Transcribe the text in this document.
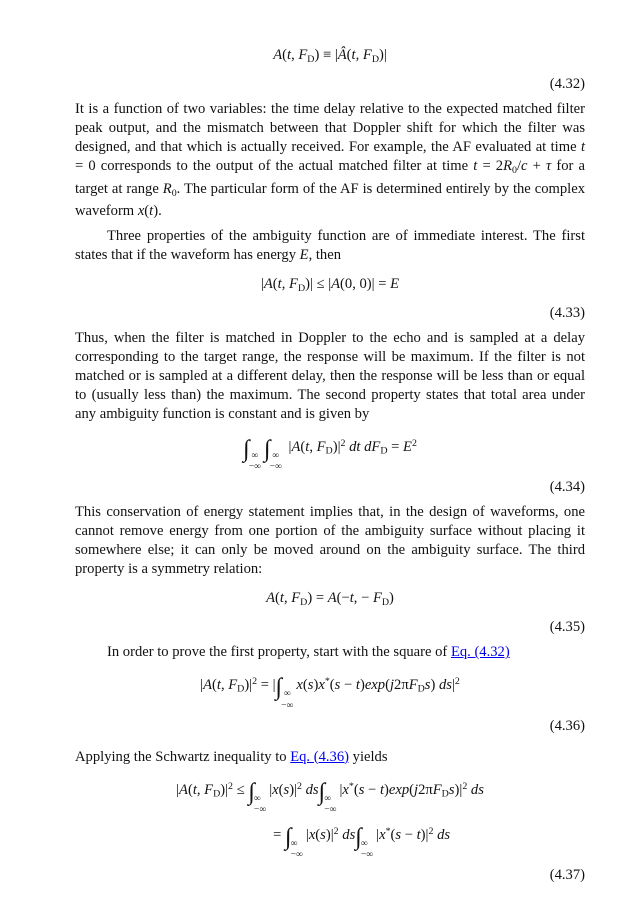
A(t, $F_D$) ≡ |Â(t, $F_D)|$
(4.32)

It is a function of two variables: the time delay relative to the expected matched filter peak output, and the mismatch between that Doppler shift for which the filter was designed, and that which is actually received. For example, the AF evaluated at time t = 0 corresponds to the output of the actual matched filter at time $t = 2R_0/c + \tau$ for a target at range $R_0$. The particular form of the AF is determined entirely by the complex waveform x(t).

Three properties of the ambiguity function are of immediate interest. The first states that if the waveform has energy E, then

|A(t, $F_D)| \le |A(0$, 0)| = E
(4.33)

Thus, when the filter is matched in Doppler to the echo and is sampled at a delay corresponding to the target range, the response will be maximum. If the filter is not matched or is sampled at a different delay, then the response will be less than or equal to (usually less than) the maximum. The second property states that total area under any ambiguity function is constant and is given by

∫ ∞
−∞
∫ ∞
−∞
|A(t, $F_D)|^2$ dt $dF_D = E^2$
(4.34)

This conservation of energy statement implies that, in the design of waveforms, one cannot remove energy from one portion of the ambiguity surface without placing it somewhere else; it can only be moved around on the ambiguity surface. The third property is a symmetry relation:

A(t, $F_D) = A(-t$, − $F_D$)
(4.35)

In order to prove the first property, start with the square of Eq. (4.32)

|A(t, $F_D)|^2$ = |∫ ∞
−∞
$x(s)x^*(s - t)\exp(j2\pi F_Ds)$ $ds|^2$
(4.36)

Applying the Schwartz inequality to Eq. (4.36) yields

|A(t, $F_D)|^2$ ≤ ∫ ∞
−∞
$|x(s)|^2$ ds∫ ∞
−∞
$|x^*(s - t)\exp(j2\pi F_Ds)|^2$ ds
= ∫ ∞
−∞
$|x(s)|^2$ ds∫ ∞
−∞
$|x^*(s - t)|^2$ ds
(4.37)
